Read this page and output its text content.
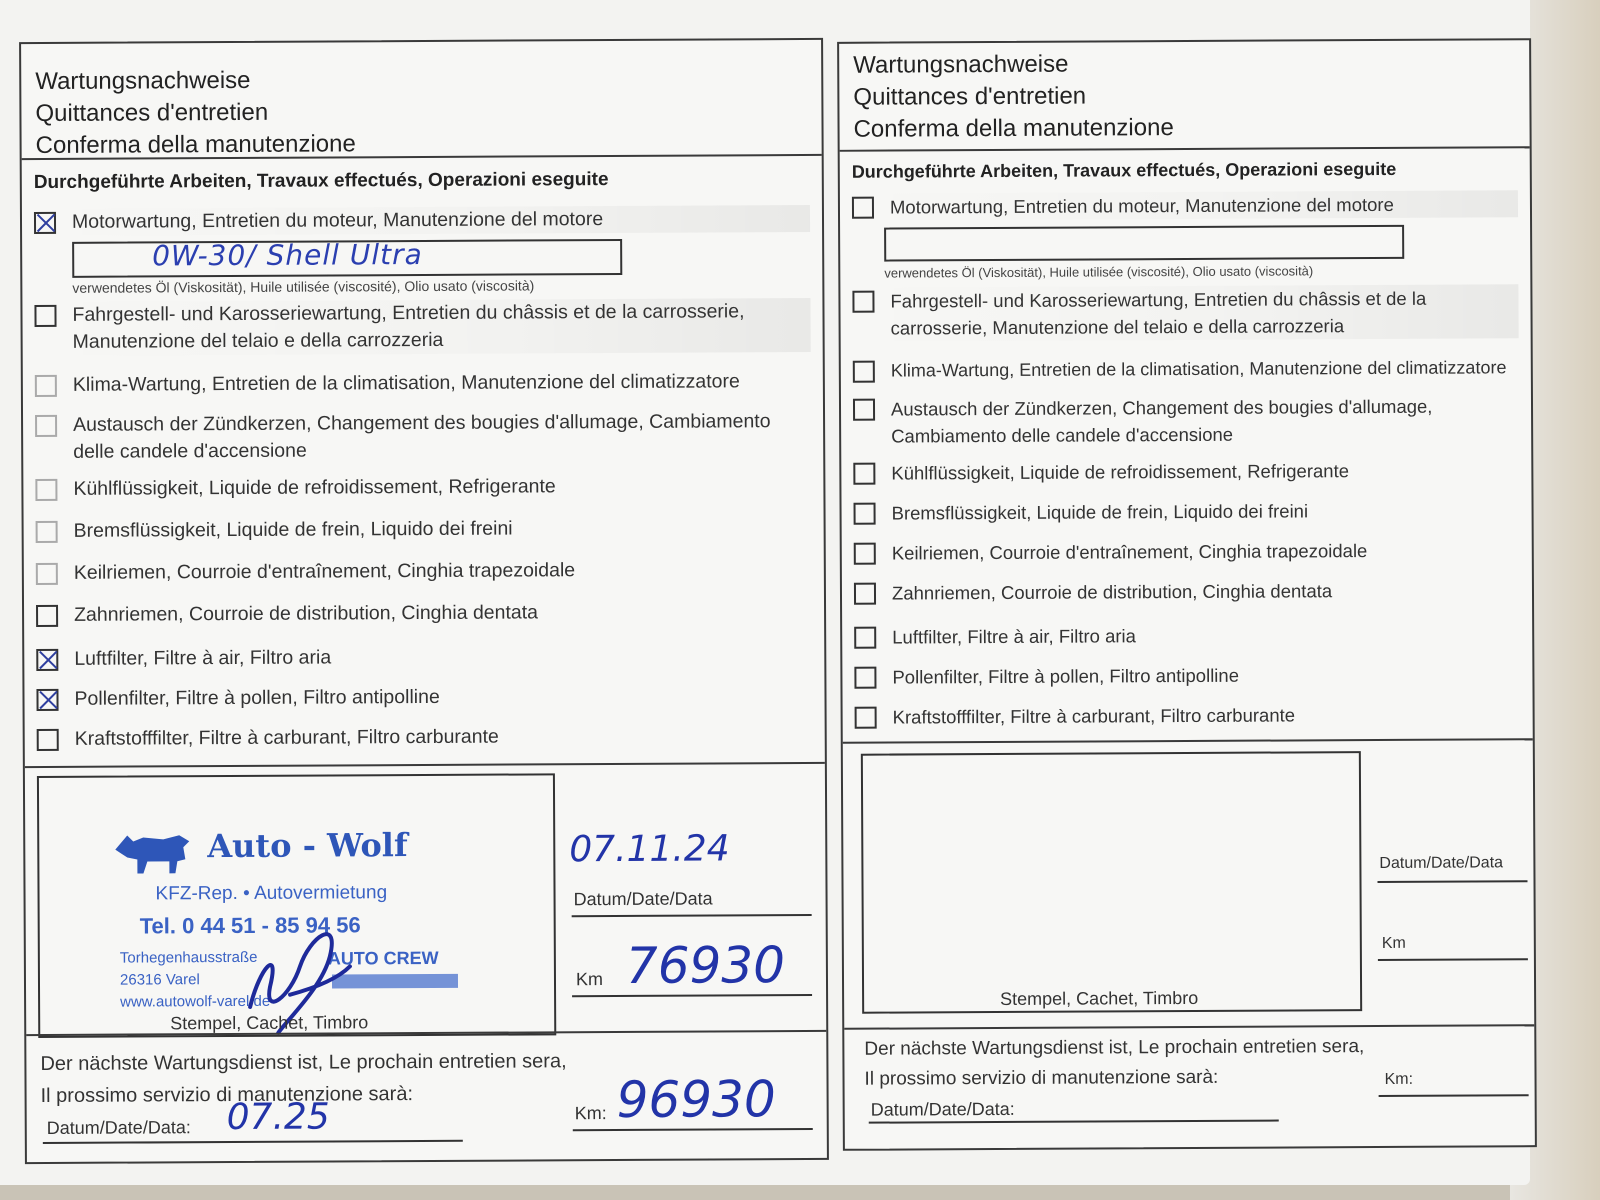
Wartungsnachweise
Quittances d'entretien
Conferma della manutenzione
Durchgeführte Arbeiten, Travaux effectués, Operazioni eseguite
Motorwartung, Entretien du moteur, Manutenzione del motore
0W-30/ Shell Ultra
verwendetes Öl (Viskosität), Huile utilisée (viscosité), Olio usato (viscosità)
Fahrgestell- und Karosseriewartung, Entretien du châssis et de la carrosserie, Manutenzione del telaio e della carrozzeria
Klima-Wartung, Entretien de la climatisation, Manutenzione del climatizzatore
Austausch der Zündkerzen, Changement des bougies d'allumage, Cambiamento delle candele d'accensione
Kühlflüssigkeit, Liquide de refroidissement, Refrigerante
Bremsflüssigkeit, Liquide de frein, Liquido dei freini
Keilriemen, Courroie d'entraînement, Cinghia trapezoidale
Zahnriemen, Courroie de distribution, Cinghia dentata
Luftfilter, Filtre à air, Filtro aria
Pollenfilter, Filtre à pollen, Filtro antipolline
Kraftstofffilter, Filtre à carburant, Filtro carburante
Auto - Wolf
KFZ-Rep. • Autovermietung
Tel. 0 44 51 - 85 94 56
Torhegenhausstraße
26316 Varel
www.autowolf-varel.de
AUTO CREW
Stempel, Cachet, Timbro
07.11.24
Datum/Date/Data
Km 76930
Der nächste Wartungsdienst ist, Le prochain entretien sera,
Il prossimo servizio di manutenzione sarà:
Datum/Date/Data: 07.25	Km: 96930
Wartungsnachweise
Quittances d'entretien
Conferma della manutenzione
Durchgeführte Arbeiten, Travaux effectués, Operazioni eseguite
Motorwartung, Entretien du moteur, Manutenzione del motore
verwendetes Öl (Viskosität), Huile utilisée (viscosité), Olio usato (viscosità)
Fahrgestell- und Karosseriewartung, Entretien du châssis et de la carrosserie, Manutenzione del telaio e della carrozzeria
Klima-Wartung, Entretien de la climatisation, Manutenzione del climatizzatore
Austausch der Zündkerzen, Changement des bougies d'allumage, Cambiamento delle candele d'accensione
Kühlflüssigkeit, Liquide de refroidissement, Refrigerante
Bremsflüssigkeit, Liquide de frein, Liquido dei freini
Keilriemen, Courroie d'entraînement, Cinghia trapezoidale
Zahnriemen, Courroie de distribution, Cinghia dentata
Luftfilter, Filtre à air, Filtro aria
Pollenfilter, Filtre à pollen, Filtro antipolline
Kraftstofffilter, Filtre à carburant, Filtro carburante
Stempel, Cachet, Timbro
Datum/Date/Data
Km
Der nächste Wartungsdienst ist, Le prochain entretien sera,
Il prossimo servizio di manutenzione sarà:
Datum/Date/Data:
Km:
